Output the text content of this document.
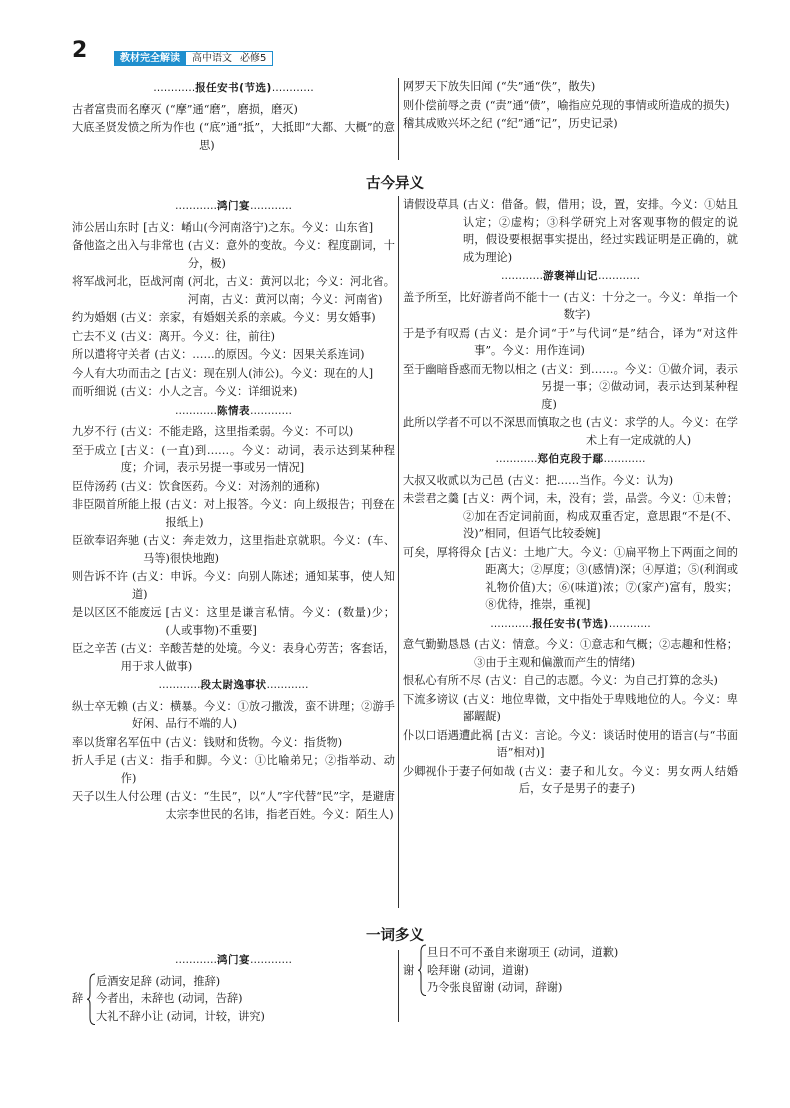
2	教材完全解读	高中语文 必修5
…………报任安书(节选)…………
古者富贵而名摩灭 (“摩”通“磨”，磨损，磨灭)
大底圣贤发愤之所为作也 (“底”通“抵”，大抵即“大都、大概”的意思)
网罗天下放失旧闻 (“失”通“佚”，散失)
则仆偿前辱之责 (“责”通“债”，喻指应兑现的事情或所造成的损失)
稽其成败兴坏之纪 (“纪”通“记”，历史记录)
古今异义
…………鸿门宴…………
沛公居山东时 [古义：崤山(今河南洛宁)之东。今义：山东省]
备他盗之出入与非常也 (古义：意外的变故。今义：程度副词，十分，极)
将军战河北，臣战河南 (河北，古义：黄河以北；今义：河北省。河南，古义：黄河以南；今义：河南省)
约为婚姻 (古义：亲家，有婚姻关系的亲戚。今义：男女婚事)
亡去不义 (古义：离开。今义：往，前往)
所以遣将守关者 (古义：……的原因。今义：因果关系连词)
今人有大功而击之 [古义：现在别人(沛公)。今义：现在的人]
而听细说 (古义：小人之言。今义：详细说来)
…………陈情表…………
九岁不行 (古义：不能走路，这里指柔弱。今义：不可以)
至于成立 [古义：(一直)到……。今义：动词，表示达到某种程度；介词，表示另提一事或另一情况]
臣侍汤药 (古义：饮食医药。今义：对汤剂的通称)
非臣陨首所能上报 (古义：对上报答。今义：向上级报告；刊登在报纸上)
臣欲奉诏奔驰 (古义：奔走效力，这里指赴京就职。今义：(车、马等)很快地跑)
则告诉不许 (古义：申诉。今义：向别人陈述；通知某事，使人知道)
是以区区不能废远 [古义：这里是谦言私情。今义：(数量)少；(人或事物)不重要]
臣之辛苦 (古义：辛酸苦楚的处境。今义：表身心劳苦；客套话，用于求人做事)
…………段太尉逸事状…………
纵士卒无赖 (古义：横暴。今义：①放刁撒泼，蛮不讲理；②游手好闲、品行不端的人)
率以货窜名军伍中 (古义：钱财和货物。今义：指货物)
折人手足 (古义：指手和脚。今义：①比喻弟兄；②指举动、动作)
天子以生人付公理 (古义：“生民”，以“人”字代替“民”字，是避唐太宗李世民的名讳，指老百姓。今义：陌生人)
请假设草具 (古义：借备。假，借用；设，置，安排。今义：①姑且认定；②虚构；③科学研究上对客观事物的假定的说明，假设要根据事实提出，经过实践证明是正确的，就成为理论)
…………游褒禅山记…………
盖予所至，比好游者尚不能十一 (古义：十分之一。今义：单指一个数字)
于是予有叹焉 (古义：是介词“于”与代词“是”结合，译为“对这件事”。今义：用作连词)
至于幽暗昏惑而无物以相之 (古义：到……。今义：①做介词，表示另提一事；②做动词，表示达到某种程度)
此所以学者不可以不深思而慎取之也 (古义：求学的人。今义：在学术上有一定成就的人)
…………郑伯克段于鄢…………
大叔又收贰以为己邑 (古义：把……当作。今义：认为)
未尝君之羹 [古义：两个词，未，没有；尝，品尝。今义：①未曾；②加在否定词前面，构成双重否定，意思跟“不是(不、没)”相同，但语气比较委婉]
可矣，厚将得众 [古义：土地广大。今义：①扁平物上下两面之间的距离大；②厚度；③(感情)深；④厚道；⑤(利润或礼物价值)大；⑥(味道)浓；⑦(家产)富有，殷实；⑧优待，推崇，重视]
…………报任安书(节选)…………
意气勤勤恳恳 (古义：情意。今义：①意志和气概；②志趣和性格；③由于主观和偏激而产生的情绪)
恨私心有所不尽 (古义：自己的志愿。今义：为自己打算的念头)
下流多谤议 (古义：地位卑微，文中指处于卑贱地位的人。今义：卑鄙龌龊)
仆以口语遇遭此祸 [古义：言论。今义：谈话时使用的语言(与“书面语”相对)]
少卿视仆于妻子何如哉 (古义：妻子和儿女。今义：男女两人结婚后，女子是男子的妻子)
一词多义
…………鸿门宴…………
辞
卮酒安足辞 (动词，推辞)
今者出，未辞也 (动词，告辞)
大礼不辞小让 (动词，计较，讲究)
谢
旦日不可不蚤自来谢项王 (动词，道歉)
哙拜谢 (动词，道谢)
乃令张良留谢 (动词，辞谢)
